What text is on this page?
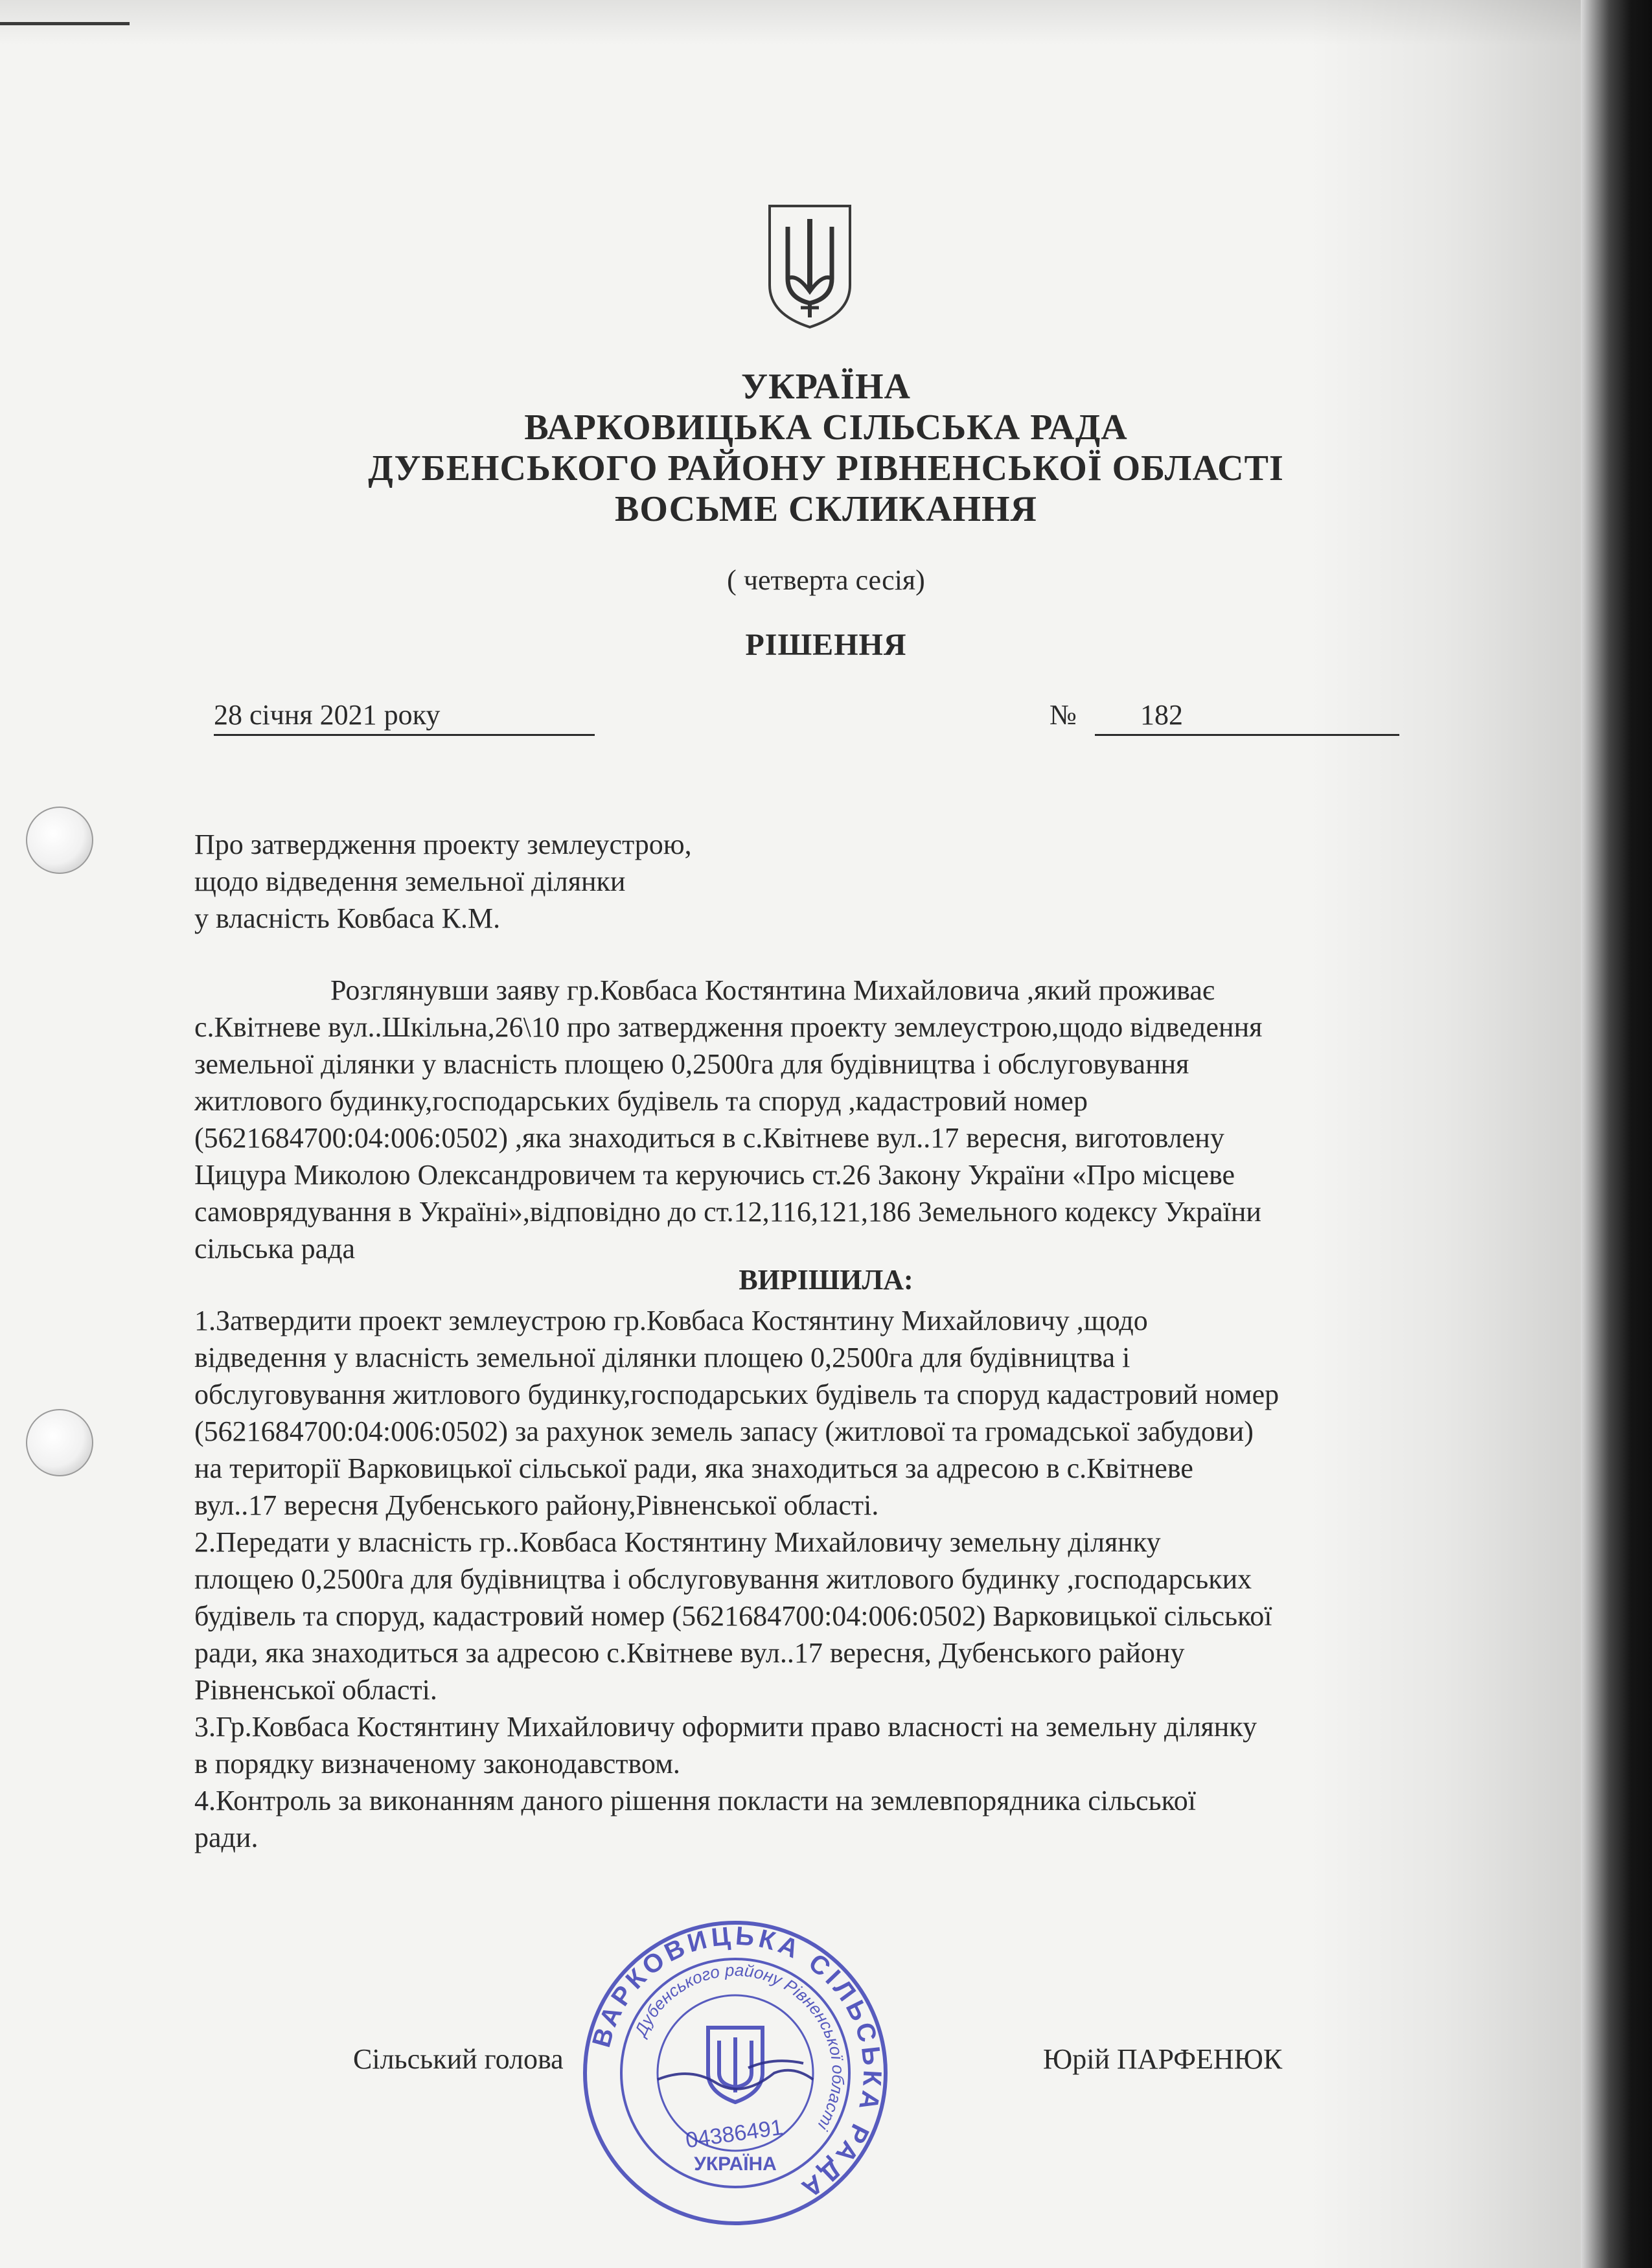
УКРАЇНА
ВАРКОВИЦЬКА СІЛЬСЬКА РАДА
ДУБЕНСЬКОГО РАЙОНУ РІВНЕНСЬКОЇ ОБЛАСТІ
ВОСЬМЕ СКЛИКАННЯ
( четверта сесія)
РІШЕННЯ
28 січня 2021 року	№ 182
Про затвердження проекту землеустрою,
щодо відведення земельної ділянки
у власність Ковбаса К.М.
Розглянувши заяву гр.Ковбаса Костянтина Михайловича ,який проживає
с.Квітневе вул..Шкільна,26\10 про затвердження проекту землеустрою,щодо відведення
земельної ділянки у власність площею 0,2500га для будівництва і обслуговування
житлового будинку,господарських будівель та споруд ,кадастровий номер
(5621684700:04:006:0502) ,яка знаходиться в с.Квітневе вул..17 вересня, виготовлену
Цицура Миколою Олександровичем та керуючись ст.26 Закону України «Про місцеве
самоврядування в Україні»,відповідно до ст.12,116,121,186 Земельного кодексу України
сільська рада
ВИРІШИЛА:
1.Затвердити проект землеустрою гр.Ковбаса Костянтину Михайловичу ,щодо
відведення у власність земельної ділянки площею 0,2500га для будівництва і
обслуговування житлового будинку,господарських будівель та споруд кадастровий номер
(5621684700:04:006:0502) за рахунок земель запасу (житлової та громадської забудови)
на території Варковицької сільської ради, яка знаходиться за адресою в с.Квітневе
вул..17 вересня Дубенського району,Рівненської області.
2.Передати у власність гр..Ковбаса Костянтину Михайловичу земельну ділянку
площею 0,2500га для будівництва і обслуговування житлового будинку ,господарських
будівель та споруд, кадастровий номер (5621684700:04:006:0502) Варковицької сільської
ради, яка знаходиться за адресою с.Квітневе вул..17 вересня, Дубенського району
Рівненської області.
3.Гр.Ковбаса Костянтину Михайловичу оформити право власності на земельну ділянку
в порядку визначеному законодавством.
4.Контроль за виконанням даного рішення покласти на землевпорядника сільської
ради.
Сільський голова	Юрій ПАРФЕНЮК
ВАРКОВИЦЬКА СІЛЬСЬКА РАДА
Дубенського району Рівненської області
УКРАЇНА
04386491
